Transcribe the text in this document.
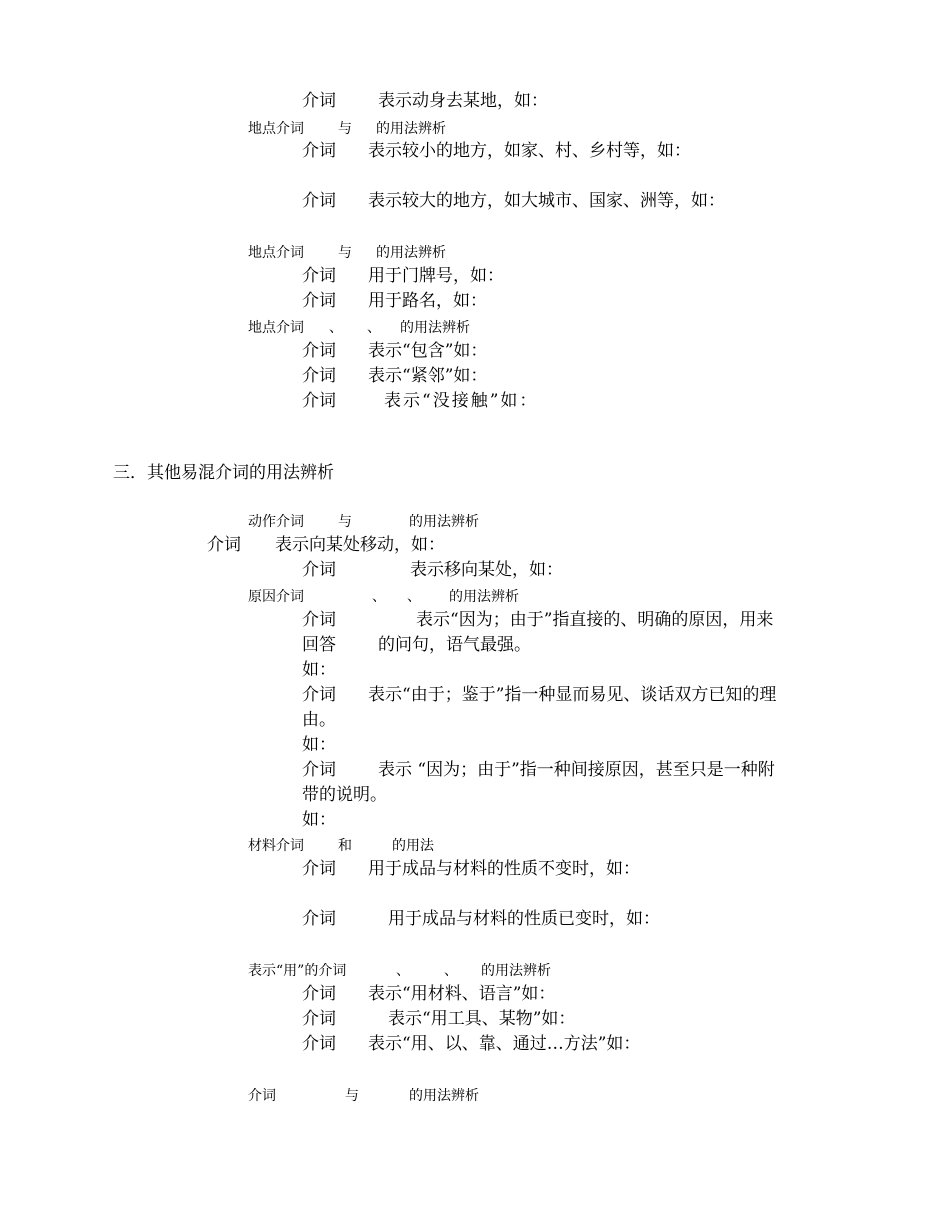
介词 表示动身去某地，如：
地点介词 与 的用法辨析
介词 表示较小的地方，如家、村、乡村等，如：
介词 表示较大的地方，如大城市、国家、洲等，如：
地点介词 与 的用法辨析
介词 用于门牌号，如：
介词 用于路名，如：
地点介词 、 、 的用法辨析
介词 表示“包含”如：
介词 表示“紧邻”如：
介词	表示“没接触”如：
三．其他易混介词的用法辨析
动作介词 与	的用法辨析
介词 表示向某处移动，如：
介词	表示移向某处，如：
原因介词	、 、 的用法辨析
介词	表示“因为；由于”指直接的、明确的原因，用来
回答 的问句，语气最强。
如：
介词 表示“由于；鉴于”指一种显而易见、谈话双方已知的理
由。
如：
介词 表示 “因为；由于”指一种间接原因，甚至只是一种附
带的说明。
如：
材料介词 和	的用法
介词 用于成品与材料的性质不变时，如：
介词	用于成品与材料的性质已变时，如：
表示“用”的介词	、 、 的用法辨析
介词 表示“用材料、语言”如：
介词	表示“用工具、某物”如：
介词 表示“用、以、靠、通过…方法”如：
介词	与	的用法辨析
